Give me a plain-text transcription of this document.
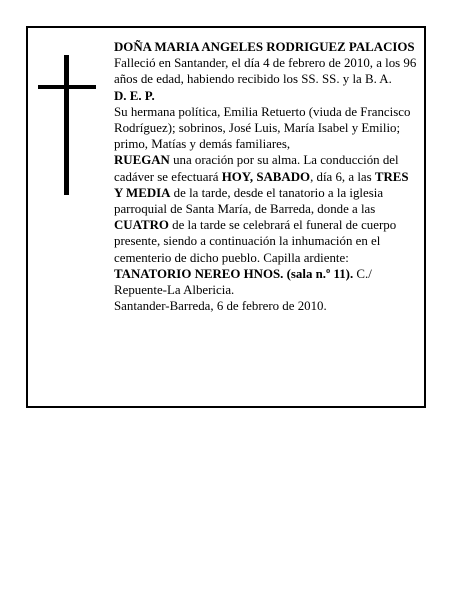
DOÑA MARIA ANGELES RODRIGUEZ PALACIOS

Falleció en Santander, el día 4 de febrero de 2010, a los 96 años de edad, habiendo recibido los SS. SS. y la B. A.

D. E. P.

Su hermana política, Emilia Retuerto (viuda de Francisco Rodríguez); sobrinos, José Luis, María Isabel y Emilio; primo, Matías y demás familiares,

RUEGAN una oración por su alma. La conducción del cadáver se efectuará HOY, SABADO, día 6, a las TRES Y MEDIA de la tarde, desde el tanatorio a la iglesia parroquial de Santa María, de Barreda, donde a las CUATRO de la tarde se celebrará el funeral de cuerpo presente, siendo a continuación la inhumación en el cementerio de dicho pueblo. Capilla ardiente: TANATORIO NEREO HNOS. (sala n.º 11). C./ Repuente-La Albericia.

Santander-Barreda, 6 de febrero de 2010.
